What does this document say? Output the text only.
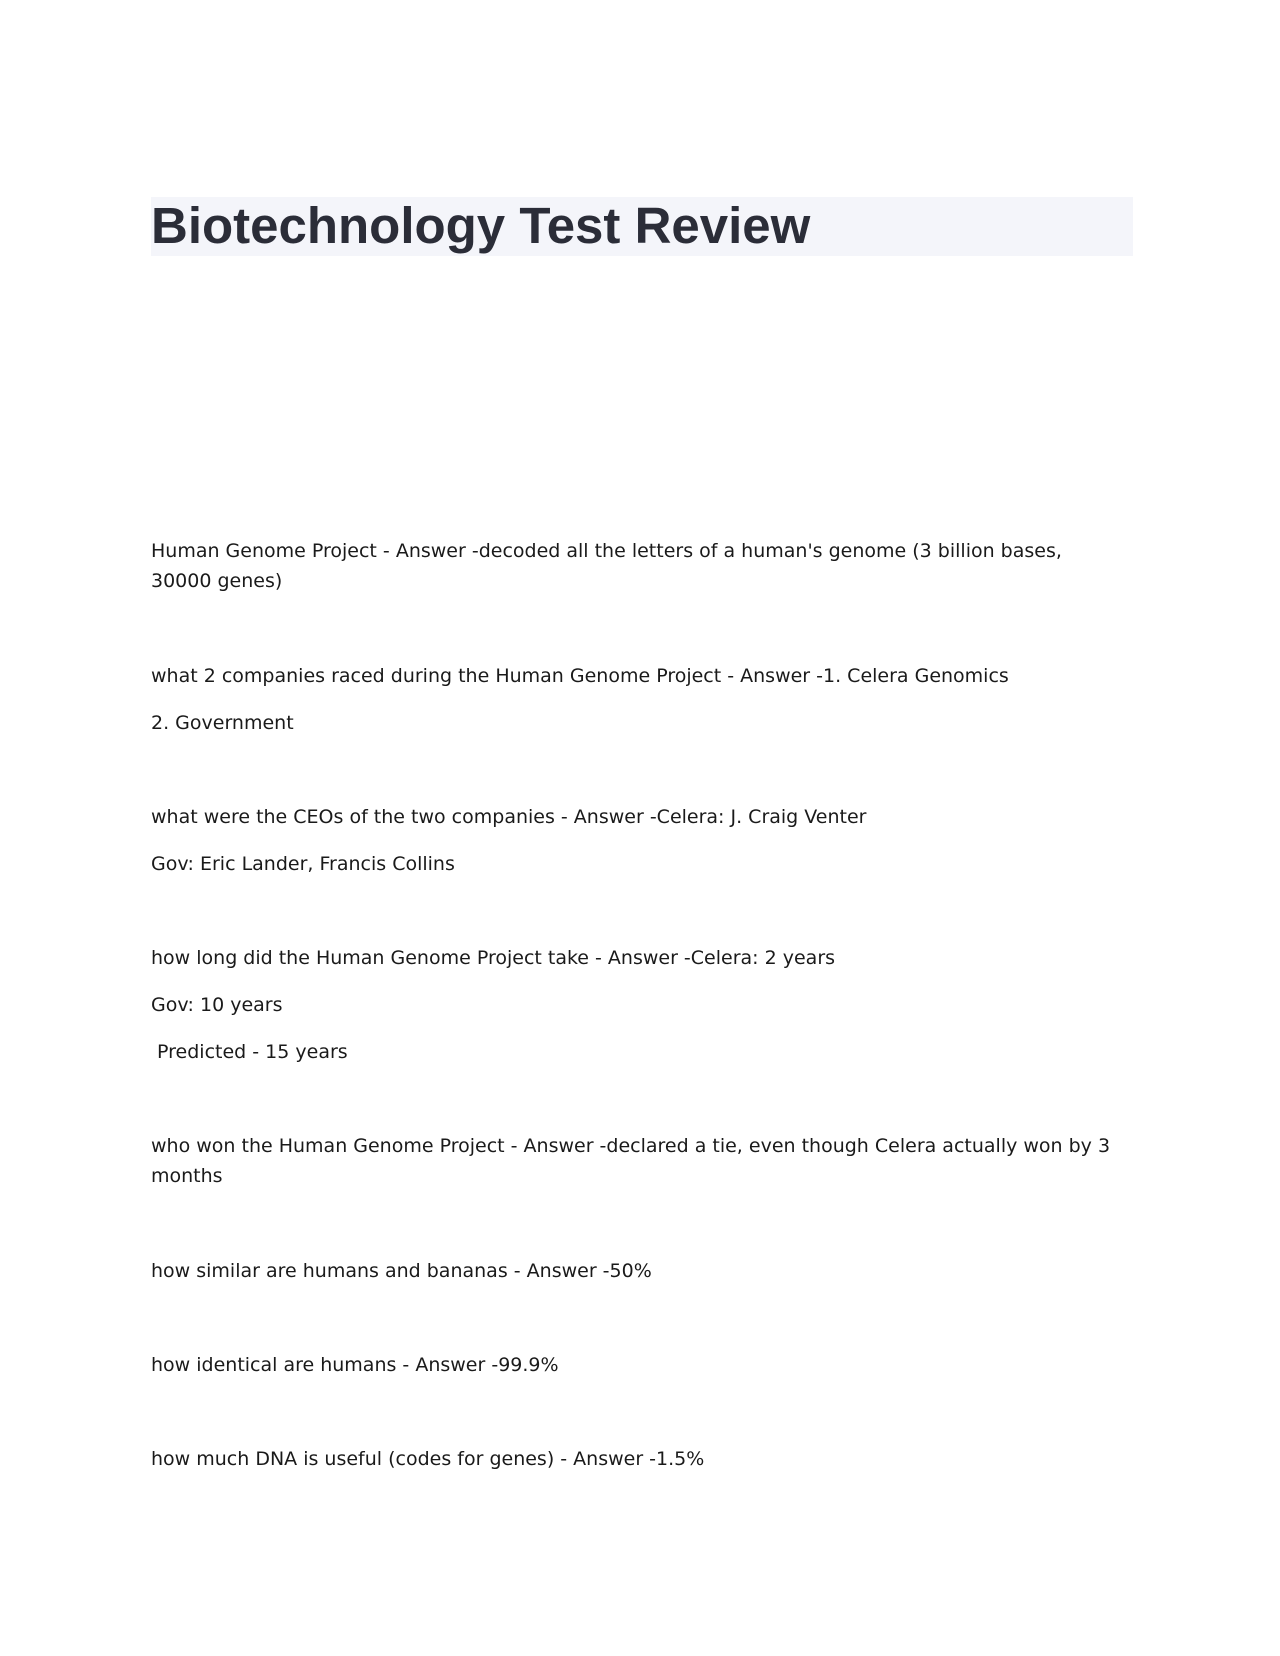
Biotechnology Test Review

Human Genome Project - Answer -decoded all the letters of a human's genome (3 billion bases, 30000 genes)

what 2 companies raced during the Human Genome Project - Answer -1. Celera Genomics

2. Government

what were the CEOs of the two companies - Answer -Celera: J. Craig Venter

Gov: Eric Lander, Francis Collins

how long did the Human Genome Project take - Answer -Celera: 2 years

Gov: 10 years

Predicted - 15 years

who won the Human Genome Project - Answer -declared a tie, even though Celera actually won by 3 months

how similar are humans and bananas - Answer -50%

how identical are humans - Answer -99.9%

how much DNA is useful (codes for genes) - Answer -1.5%
